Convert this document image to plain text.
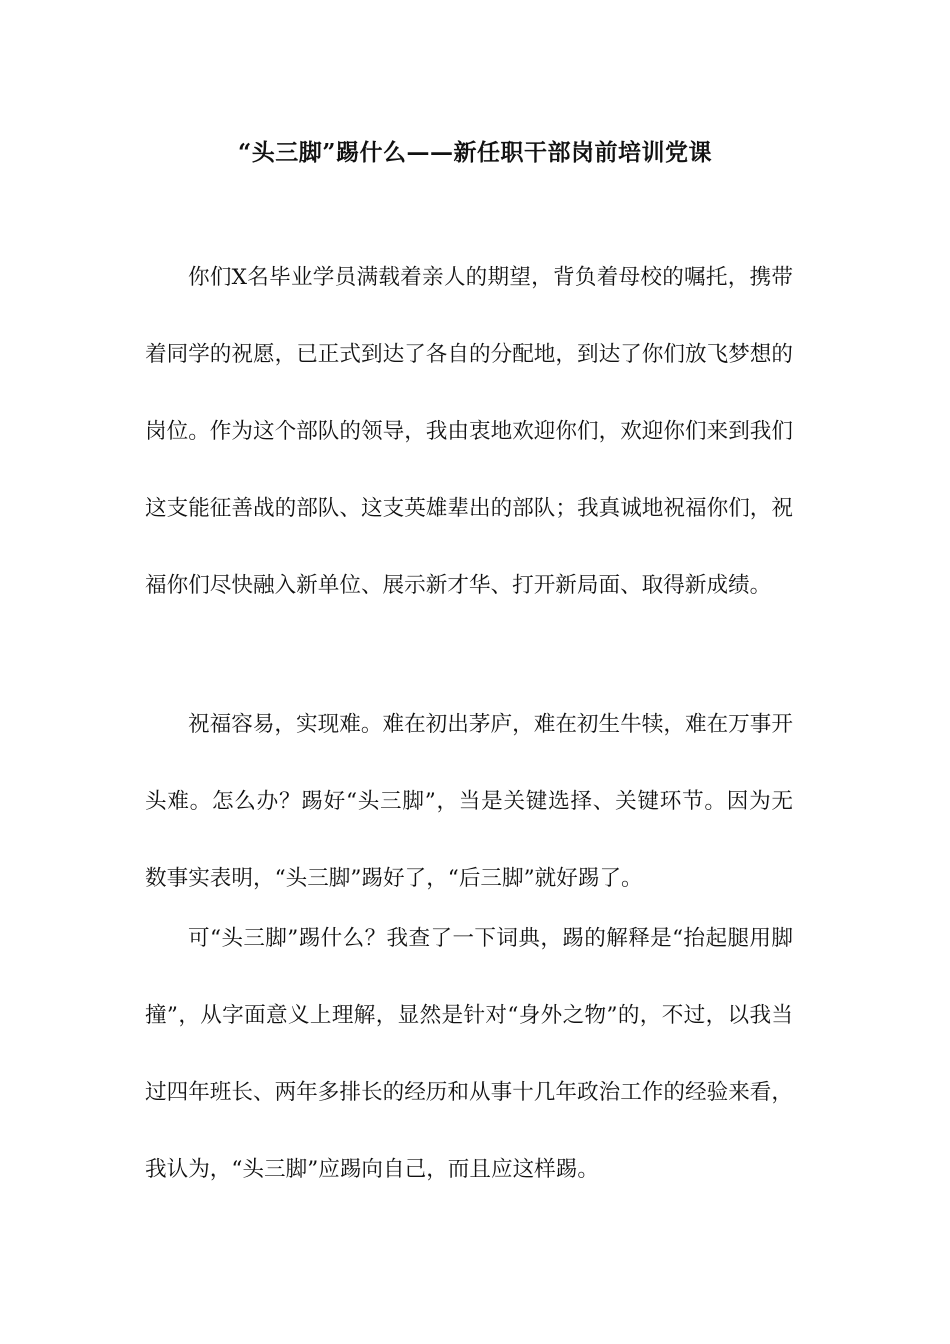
“头三脚”踢什么——新任职干部岗前培训党课

你们X名毕业学员满载着亲人的期望，背负着母校的嘱托，携带着同学的祝愿，已正式到达了各自的分配地，到达了你们放飞梦想的岗位。作为这个部队的领导，我由衷地欢迎你们，欢迎你们来到我们这支能征善战的部队、这支英雄辈出的部队；我真诚地祝福你们，祝福你们尽快融入新单位、展示新才华、打开新局面、取得新成绩。

祝福容易，实现难。难在初出茅庐，难在初生牛犊，难在万事开头难。怎么办？踢好“头三脚”，当是关键选择、关键环节。因为无数事实表明，“头三脚”踢好了，“后三脚”就好踢了。

可“头三脚”踢什么？我查了一下词典，踢的解释是“抬起腿用脚撞”，从字面意义上理解，显然是针对“身外之物”的，不过，以我当过四年班长、两年多排长的经历和从事十几年政治工作的经验来看，我认为，“头三脚”应踢向自己，而且应这样踢。
